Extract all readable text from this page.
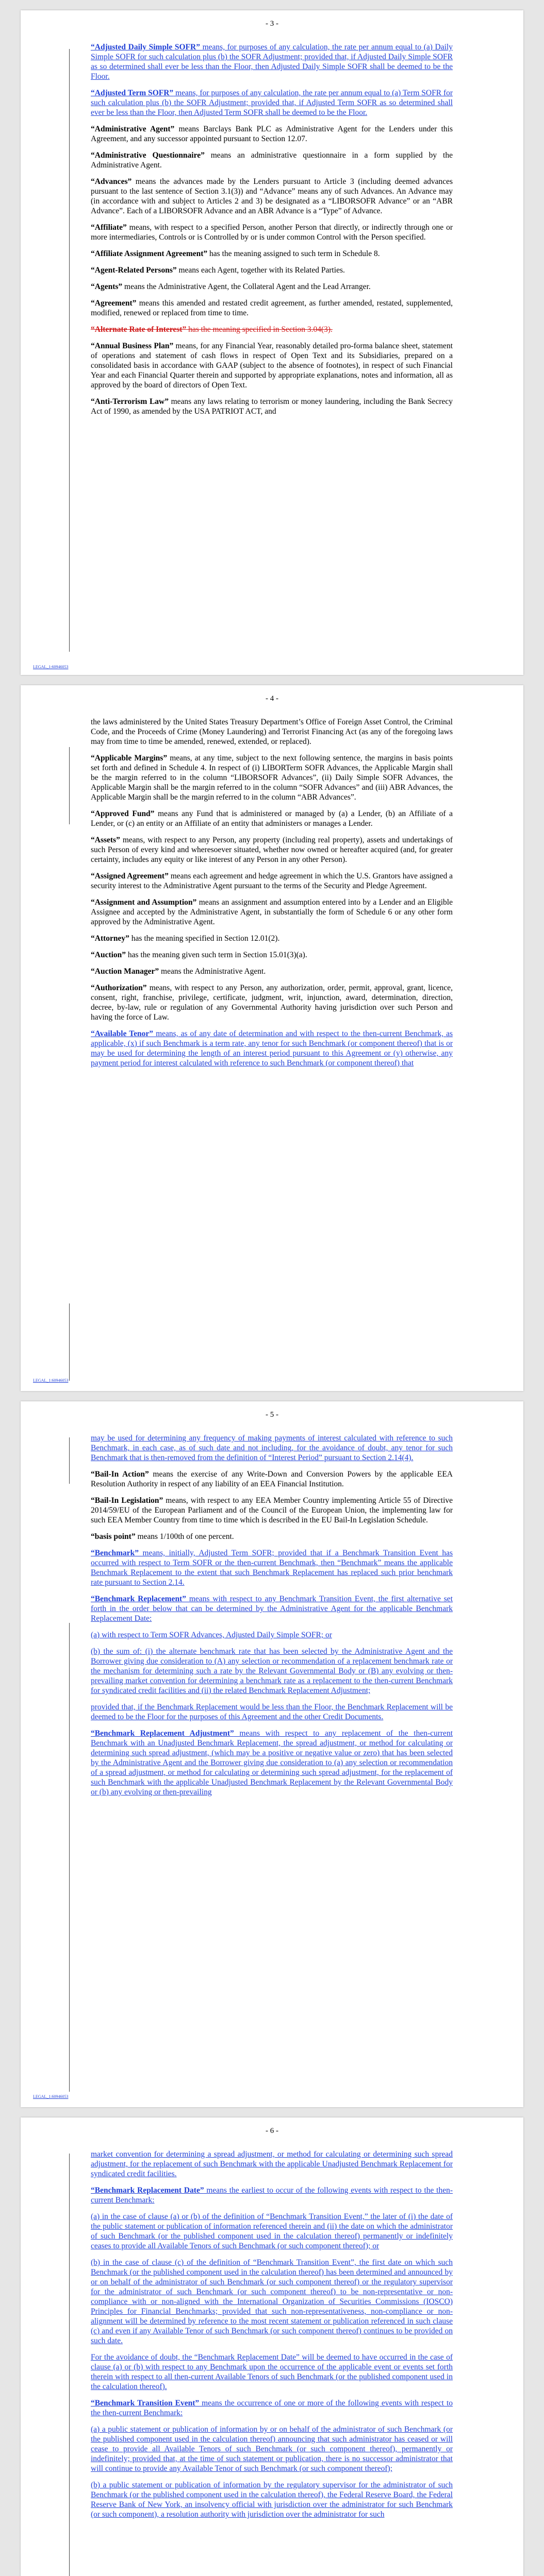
- 3 -

“Adjusted Daily Simple SOFR” means, for purposes of any calculation, the rate per annum equal to (a) Daily Simple SOFR for such calculation plus (b) the SOFR Adjustment; provided that, if Adjusted Daily Simple SOFR as so determined shall ever be less than the Floor, then Adjusted Daily Simple SOFR shall be deemed to be the Floor.

“Adjusted Term SOFR” means, for purposes of any calculation, the rate per annum equal to (a) Term SOFR for such calculation plus (b) the SOFR Adjustment; provided that, if Adjusted Term SOFR as so determined shall ever be less than the Floor, then Adjusted Term SOFR shall be deemed to be the Floor.

“Administrative Agent” means Barclays Bank PLC as Administrative Agent for the Lenders under this Agreement, and any successor appointed pursuant to Section 12.07.

“Administrative Questionnaire” means an administrative questionnaire in a form supplied by the Administrative Agent.

“Advances” means the advances made by the Lenders pursuant to Article 3 (including deemed advances pursuant to the last sentence of Section 3.1(3)) and “Advance” means any of such Advances. An Advance may (in accordance with and subject to Articles 2 and 3) be designated as a “LIBORSOFR Advance” or an “ABR Advance”. Each of a LIBORSOFR Advance and an ABR Advance is a “Type” of Advance.

“Affiliate” means, with respect to a specified Person, another Person that directly, or indirectly through one or more intermediaries, Controls or is Controlled by or is under common Control with the Person specified.

“Affiliate Assignment Agreement” has the meaning assigned to such term in Schedule 8.

“Agent-Related Persons” means each Agent, together with its Related Parties.

“Agents” means the Administrative Agent, the Collateral Agent and the Lead Arranger.

“Agreement” means this amended and restated credit agreement, as further amended, restated, supplemented, modified, renewed or replaced from time to time.

“Alternate Rate of Interest” has the meaning specified in Section 3.04(3).

“Annual Business Plan” means, for any Financial Year, reasonably detailed pro-forma balance sheet, statement of operations and statement of cash flows in respect of Open Text and its Subsidiaries, prepared on a consolidated basis in accordance with GAAP (subject to the absence of footnotes), in respect of such Financial Year and each Financial Quarter therein and supported by appropriate explanations, notes and information, all as approved by the board of directors of Open Text.

“Anti-Terrorism Law” means any laws relating to terrorism or money laundering, including the Bank Secrecy Act of 1990, as amended by the USA PATRIOT ACT, and

LEGAL_1:60946053
- 4 -

the laws administered by the United States Treasury Department’s Office of Foreign Asset Control, the Criminal Code, and the Proceeds of Crime (Money Laundering) and Terrorist Financing Act (as any of the foregoing laws may from time to time be amended, renewed, extended, or replaced).

“Applicable Margins” means, at any time, subject to the next following sentence, the margins in basis points set forth and defined in Schedule 4. In respect of (i) LIBORTerm SOFR Advances, the Applicable Margin shall be the margin referred to in the column “LIBORSOFR Advances”, (ii) Daily Simple SOFR Advances, the Applicable Margin shall be the margin referred to in the column “SOFR Advances” and (iii) ABR Advances, the Applicable Margin shall be the margin referred to in the column “ABR Advances”.

“Approved Fund” means any Fund that is administered or managed by (a) a Lender, (b) an Affiliate of a Lender, or (c) an entity or an Affiliate of an entity that administers or manages a Lender.

“Assets” means, with respect to any Person, any property (including real property), assets and undertakings of such Person of every kind and wheresoever situated, whether now owned or hereafter acquired (and, for greater certainty, includes any equity or like interest of any Person in any other Person).

“Assigned Agreement” means each agreement and hedge agreement in which the U.S. Grantors have assigned a security interest to the Administrative Agent pursuant to the terms of the Security and Pledge Agreement.

“Assignment and Assumption” means an assignment and assumption entered into by a Lender and an Eligible Assignee and accepted by the Administrative Agent, in substantially the form of Schedule 6 or any other form approved by the Administrative Agent.

“Attorney” has the meaning specified in Section 12.01(2).

“Auction” has the meaning given such term in Section 15.01(3)(a).

“Auction Manager” means the Administrative Agent.

“Authorization” means, with respect to any Person, any authorization, order, permit, approval, grant, licence, consent, right, franchise, privilege, certificate, judgment, writ, injunction, award, determination, direction, decree, by-law, rule or regulation of any Governmental Authority having jurisdiction over such Person and having the force of Law.

“Available Tenor” means, as of any date of determination and with respect to the then-current Benchmark, as applicable, (x) if such Benchmark is a term rate, any tenor for such Benchmark (or component thereof) that is or may be used for determining the length of an interest period pursuant to this Agreement or (y) otherwise, any payment period for interest calculated with reference to such Benchmark (or component thereof) that

LEGAL_1:60946053
- 5 -

may be used for determining any frequency of making payments of interest calculated with reference to such Benchmark, in each case, as of such date and not including, for the avoidance of doubt, any tenor for such Benchmark that is then-removed from the definition of “Interest Period” pursuant to Section 2.14(4).

“Bail-In Action” means the exercise of any Write-Down and Conversion Powers by the applicable EEA Resolution Authority in respect of any liability of an EEA Financial Institution.

“Bail-In Legislation” means, with respect to any EEA Member Country implementing Article 55 of Directive 2014/59/EU of the European Parliament and of the Council of the European Union, the implementing law for such EEA Member Country from time to time which is described in the EU Bail-In Legislation Schedule.

“basis point” means 1/100th of one percent.

“Benchmark” means, initially, Adjusted Term SOFR; provided that if a Benchmark Transition Event has occurred with respect to Term SOFR or the then-current Benchmark, then “Benchmark” means the applicable Benchmark Replacement to the extent that such Benchmark Replacement has replaced such prior benchmark rate pursuant to Section 2.14.

“Benchmark Replacement” means with respect to any Benchmark Transition Event, the first alternative set forth in the order below that can be determined by the Administrative Agent for the applicable Benchmark Replacement Date:

(a) with respect to Term SOFR Advances, Adjusted Daily Simple SOFR; or

(b) the sum of: (i) the alternate benchmark rate that has been selected by the Administrative Agent and the Borrower giving due consideration to (A) any selection or recommendation of a replacement benchmark rate or the mechanism for determining such a rate by the Relevant Governmental Body or (B) any evolving or then-prevailing market convention for determining a benchmark rate as a replacement to the then-current Benchmark for syndicated credit facilities and (ii) the related Benchmark Replacement Adjustment;

provided that, if the Benchmark Replacement would be less than the Floor, the Benchmark Replacement will be deemed to be the Floor for the purposes of this Agreement and the other Credit Documents.

“Benchmark Replacement Adjustment” means with respect to any replacement of the then-current Benchmark with an Unadjusted Benchmark Replacement, the spread adjustment, or method for calculating or determining such spread adjustment, (which may be a positive or negative value or zero) that has been selected by the Administrative Agent and the Borrower giving due consideration to (a) any selection or recommendation of a spread adjustment, or method for calculating or determining such spread adjustment, for the replacement of such Benchmark with the applicable Unadjusted Benchmark Replacement by the Relevant Governmental Body or (b) any evolving or then-prevailing

LEGAL_1:60946053
- 6 -

market convention for determining a spread adjustment, or method for calculating or determining such spread adjustment, for the replacement of such Benchmark with the applicable Unadjusted Benchmark Replacement for syndicated credit facilities.

“Benchmark Replacement Date” means the earliest to occur of the following events with respect to the then-current Benchmark:

(a) in the case of clause (a) or (b) of the definition of “Benchmark Transition Event,” the later of (i) the date of the public statement or publication of information referenced therein and (ii) the date on which the administrator of such Benchmark (or the published component used in the calculation thereof) permanently or indefinitely ceases to provide all Available Tenors of such Benchmark (or such component thereof); or

(b) in the case of clause (c) of the definition of “Benchmark Transition Event”, the first date on which such Benchmark (or the published component used in the calculation thereof) has been determined and announced by or on behalf of the administrator of such Benchmark (or such component thereof) or the regulatory supervisor for the administrator of such Benchmark (or such component thereof) to be non-representative or non-compliance with or non-aligned with the International Organization of Securities Commissions (IOSCO) Principles for Financial Benchmarks; provided that such non-representativeness, non-compliance or non-alignment will be determined by reference to the most recent statement or publication referenced in such clause (c) and even if any Available Tenor of such Benchmark (or such component thereof) continues to be provided on such date.

For the avoidance of doubt, the “Benchmark Replacement Date” will be deemed to have occurred in the case of clause (a) or (b) with respect to any Benchmark upon the occurrence of the applicable event or events set forth therein with respect to all then-current Available Tenors of such Benchmark (or the published component used in the calculation thereof).

“Benchmark Transition Event” means the occurrence of one or more of the following events with respect to the then-current Benchmark:

(a) a public statement or publication of information by or on behalf of the administrator of such Benchmark (or the published component used in the calculation thereof) announcing that such administrator has ceased or will cease to provide all Available Tenors of such Benchmark (or such component thereof), permanently or indefinitely; provided that, at the time of such statement or publication, there is no successor administrator that will continue to provide any Available Tenor of such Benchmark (or such component thereof);

(b) a public statement or publication of information by the regulatory supervisor for the administrator of such Benchmark (or the published component used in the calculation thereof), the Federal Reserve Board, the Federal Reserve Bank of New York, an insolvency official with jurisdiction over the administrator for such Benchmark (or such component), a resolution authority with jurisdiction over the administrator for such
